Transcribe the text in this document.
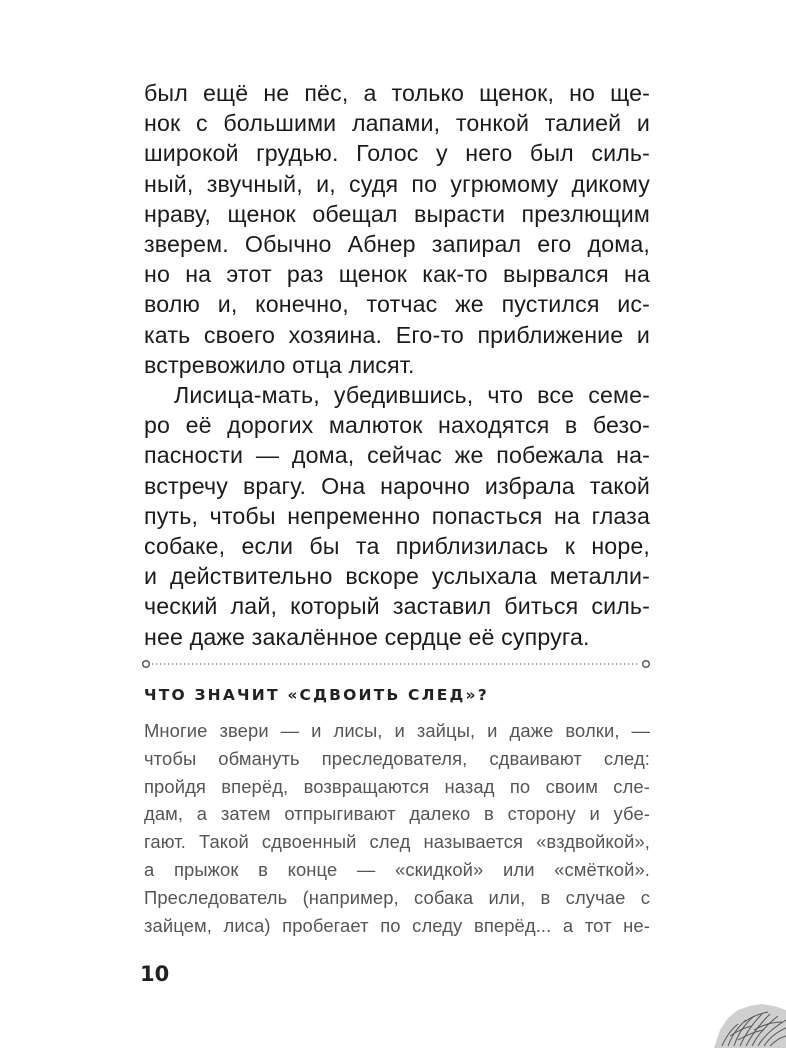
был ещё не пёс, а только щенок, но ще-
нок с большими лапами, тонкой талией и
широкой грудью. Голос у него был силь-
ный, звучный, и, судя по угрюмому дикому
нраву, щенок обещал вырасти презлющим
зверем. Обычно Абнер запирал его дома,
но на этот раз щенок как-то вырвался на
волю и, конечно, тотчас же пустился ис-
кать своего хозяина. Его-то приближение и
встревожило отца лисят.
Лисица-мать, убедившись, что все семе-
ро её дорогих малюток находятся в безо-
пасности — дома, сейчас же побежала на-
встречу врагу. Она нарочно избрала такой
путь, чтобы непременно попасться на глаза
собаке, если бы та приблизилась к норе,
и действительно вскоре услыхала металли-
ческий лай, который заставил биться силь-
нее даже закалённое сердце её супруга.
ЧТО ЗНАЧИТ «СДВОИТЬ СЛЕД»?
Многие звери — и лисы, и зайцы, и даже волки, —
чтобы обмануть преследователя, сдваивают след:
пройдя вперёд, возвращаются назад по своим сле-
дам, а затем отпрыгивают далеко в сторону и убе-
гают. Такой сдвоенный след называется «вздвойкой»,
а прыжок в конце — «скидкой» или «смёткой».
Преследователь (например, собака или, в случае с
зайцем, лиса) пробегает по следу вперёд... а тот не-
10
